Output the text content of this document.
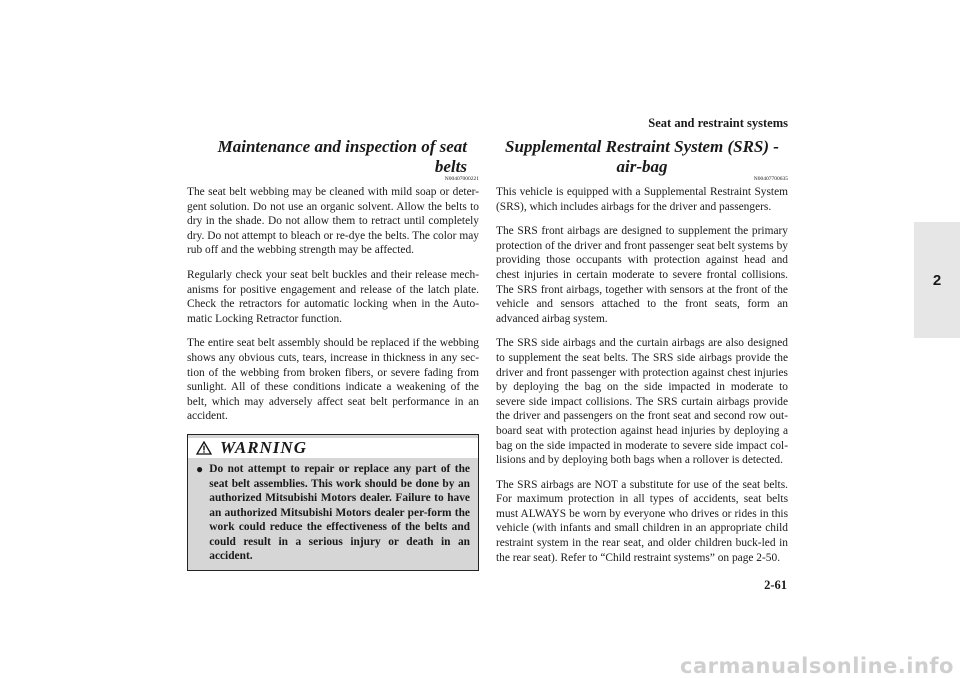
Seat and restraint systems
2
Maintenance and inspection of seat belts
N00407000221

The seat belt webbing may be cleaned with mild soap or deter-gent solution. Do not use an organic solvent. Allow the belts to dry in the shade. Do not allow them to retract until completely dry. Do not attempt to bleach or re-dye the belts. The color may rub off and the webbing strength may be affected.

Regularly check your seat belt buckles and their release mech-anisms for positive engagement and release of the latch plate. Check the retractors for automatic locking when in the Auto-matic Locking Retractor function.

The entire seat belt assembly should be replaced if the webbing shows any obvious cuts, tears, increase in thickness in any sec-tion of the webbing from broken fibers, or severe fading from sunlight. All of these conditions indicate a weakening of the belt, which may adversely affect seat belt performance in an accident.

WARNING
● Do not attempt to repair or replace any part of the seat belt assemblies. This work should be done by an authorized Mitsubishi Motors dealer. Failure to have an authorized Mitsubishi Motors dealer per-form the work could reduce the effectiveness of the belts and could result in a serious injury or death in an accident.
Supplemental Restraint System (SRS) - air-bag
N00407700635

This vehicle is equipped with a Supplemental Restraint System (SRS), which includes airbags for the driver and passengers.

The SRS front airbags are designed to supplement the primary protection of the driver and front passenger seat belt systems by providing those occupants with protection against head and chest injuries in certain moderate to severe frontal collisions. The SRS front airbags, together with sensors at the front of the vehicle and sensors attached to the front seats, form an advanced airbag system.

The SRS side airbags and the curtain airbags are also designed to supplement the seat belts. The SRS side airbags provide the driver and front passenger with protection against chest injuries by deploying the bag on the side impacted in moderate to severe side impact collisions. The SRS curtain airbags provide the driver and passengers on the front seat and second row out-board seat with protection against head injuries by deploying a bag on the side impacted in moderate to severe side impact col-lisions and by deploying both bags when a rollover is detected.

The SRS airbags are NOT a substitute for use of the seat belts. For maximum protection in all types of accidents, seat belts must ALWAYS be worn by everyone who drives or rides in this vehicle (with infants and small children in an appropriate child restraint system in the rear seat, and older children buck-led in the rear seat). Refer to “Child restraint systems” on page 2-50.

2-61
carmanualsonline.info
